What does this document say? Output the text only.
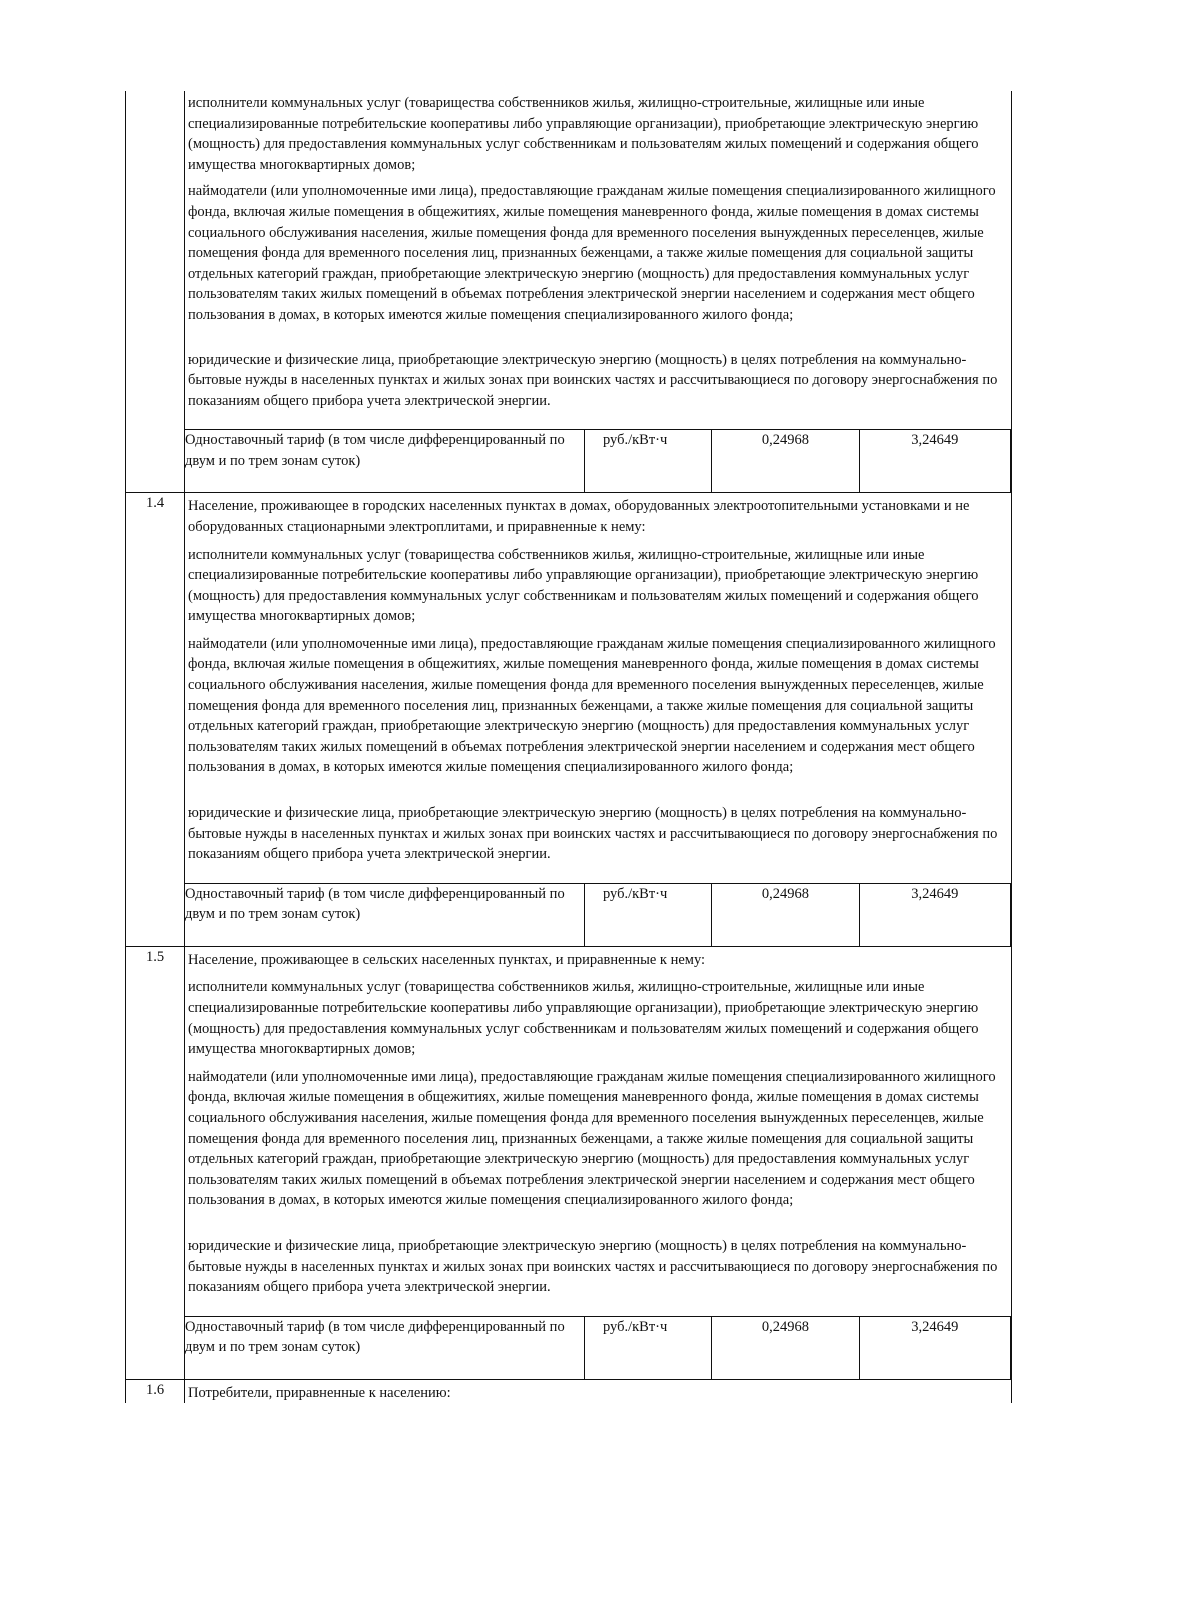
исполнители коммунальных услуг (товарищества собственников жилья, жилищно-строительные, жилищные или иные специализированные потребительские кооперативы либо управляющие организации), приобретающие электрическую энергию (мощность) для предоставления коммунальных услуг собственникам и пользователям жилых помещений и содержания общего имущества многоквартирных домов;

наймодатели (или уполномоченные ими лица), предоставляющие гражданам жилые помещения специализированного жилищного фонда, включая жилые помещения в общежитиях, жилые помещения маневренного фонда, жилые помещения в домах системы социального обслуживания населения, жилые помещения фонда для временного поселения вынужденных переселенцев, жилые помещения фонда для временного поселения лиц, признанных беженцами, а также жилые помещения для социальной защиты отдельных категорий граждан, приобретающие электрическую энергию (мощность) для предоставления коммунальных услуг пользователям таких жилых помещений в объемах потребления электрической энергии населением и содержания мест общего пользования в домах, в которых имеются жилые помещения специализированного жилого фонда;

юридические и физические лица, приобретающие электрическую энергию (мощность) в целях потребления на коммунально-бытовые нужды в населенных пунктах и жилых зонах при воинских частях и рассчитывающиеся по договору энергоснабжения по показаниям общего прибора учета электрической энергии.

Одноставочный тариф (в том числе дифференцированный по двум и по трем зонам суток)	руб./кВт·ч	0,24968	3,24649

1.4	Население, проживающее в городских населенных пунктах в домах, оборудованных электроотопительными установками и не оборудованных стационарными электроплитами, и приравненные к нему:

исполнители коммунальных услуг (товарищества собственников жилья, жилищно-строительные, жилищные или иные специализированные потребительские кооперативы либо управляющие организации), приобретающие электрическую энергию (мощность) для предоставления коммунальных услуг собственникам и пользователям жилых помещений и содержания общего имущества многоквартирных домов;

наймодатели (или уполномоченные ими лица), предоставляющие гражданам жилые помещения специализированного жилищного фонда, включая жилые помещения в общежитиях, жилые помещения маневренного фонда, жилые помещения в домах системы социального обслуживания населения, жилые помещения фонда для временного поселения вынужденных переселенцев, жилые помещения фонда для временного поселения лиц, признанных беженцами, а также жилые помещения для социальной защиты отдельных категорий граждан, приобретающие электрическую энергию (мощность) для предоставления коммунальных услуг пользователям таких жилых помещений в объемах потребления электрической энергии населением и содержания мест общего пользования в домах, в которых имеются жилые помещения специализированного жилого фонда;

юридические и физические лица, приобретающие электрическую энергию (мощность) в целях потребления на коммунально-бытовые нужды в населенных пунктах и жилых зонах при воинских частях и рассчитывающиеся по договору энергоснабжения по показаниям общего прибора учета электрической энергии.

Одноставочный тариф (в том числе дифференцированный по двум и по трем зонам суток)	руб./кВт·ч	0,24968	3,24649

1.5	Население, проживающее в сельских населенных пунктах, и приравненные к нему:

исполнители коммунальных услуг (товарищества собственников жилья, жилищно-строительные, жилищные или иные специализированные потребительские кооперативы либо управляющие организации), приобретающие электрическую энергию (мощность) для предоставления коммунальных услуг собственникам и пользователям жилых помещений и содержания общего имущества многоквартирных домов;

наймодатели (или уполномоченные ими лица), предоставляющие гражданам жилые помещения специализированного жилищного фонда, включая жилые помещения в общежитиях, жилые помещения маневренного фонда, жилые помещения в домах системы социального обслуживания населения, жилые помещения фонда для временного поселения вынужденных переселенцев, жилые помещения фонда для временного поселения лиц, признанных беженцами, а также жилые помещения для социальной защиты отдельных категорий граждан, приобретающие электрическую энергию (мощность) для предоставления коммунальных услуг пользователям таких жилых помещений в объемах потребления электрической энергии населением и содержания мест общего пользования в домах, в которых имеются жилые помещения специализированного жилого фонда;

юридические и физические лица, приобретающие электрическую энергию (мощность) в целях потребления на коммунально-бытовые нужды в населенных пунктах и жилых зонах при воинских частях и рассчитывающиеся по договору энергоснабжения по показаниям общего прибора учета электрической энергии.

Одноставочный тариф (в том числе дифференцированный по двум и по трем зонам суток)	руб./кВт·ч	0,24968	3,24649

1.6	Потребители, приравненные к населению:
